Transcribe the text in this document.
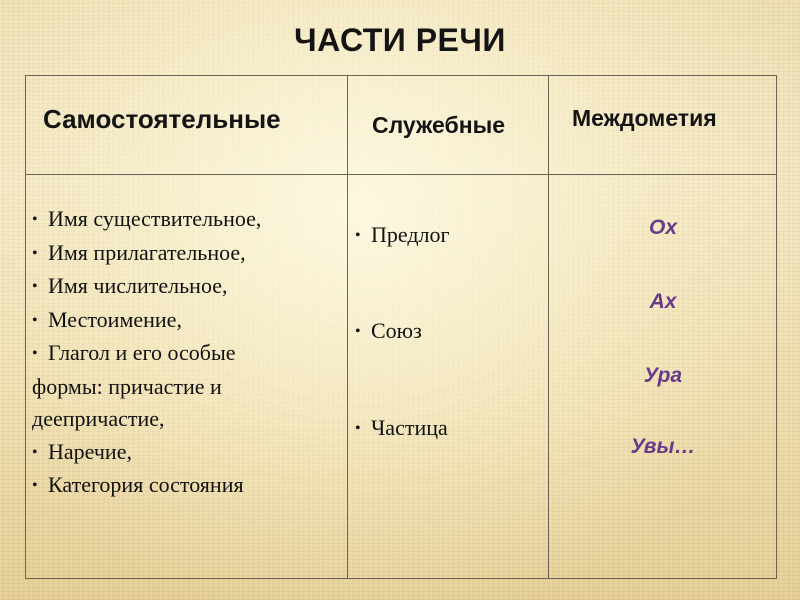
ЧАСТИ РЕЧИ
Самостоятельные	Служебные	Междометия
• Имя существительное,
• Имя прилагательное,
• Имя числительное,
• Местоимение,
• Глагол и его особые
формы: причастие и
деепричастие,
• Наречие,
• Категория состояния
• Предлог
• Союз
• Частица
Ох
Ах
Ура
Увы…
